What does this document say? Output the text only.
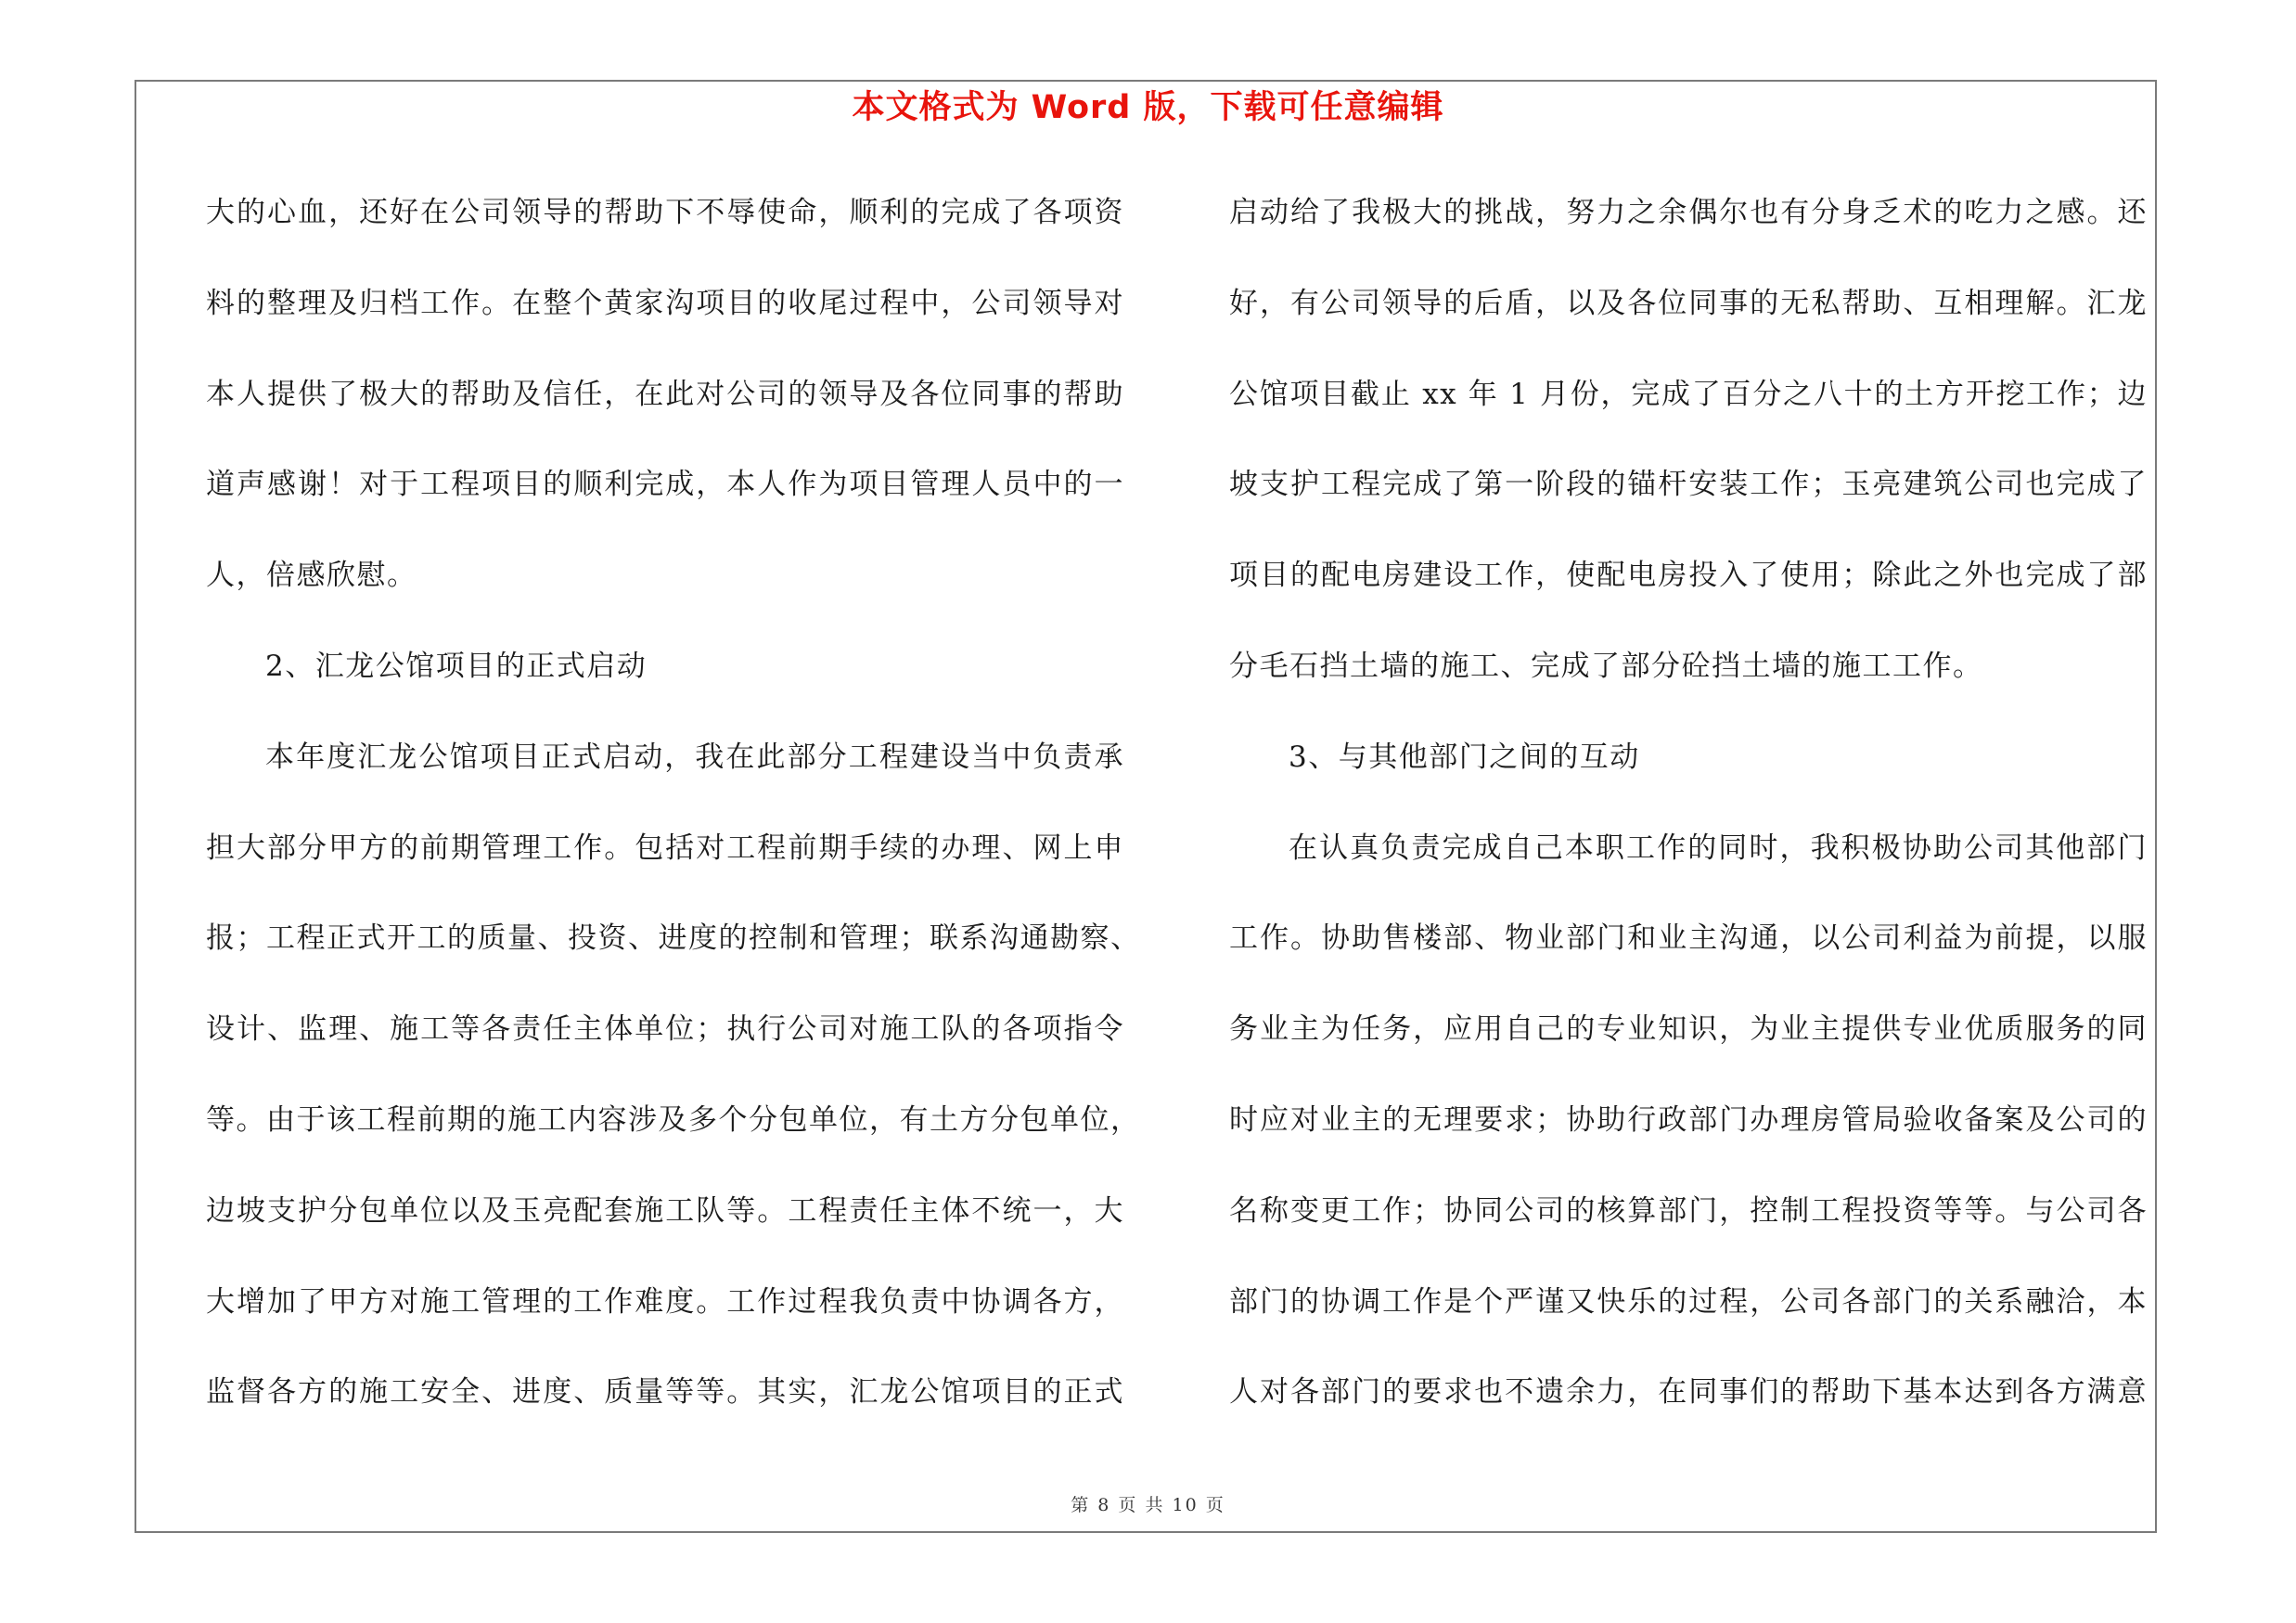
本文格式为 Word 版，下载可任意编辑
大的心血，还好在公司领导的帮助下不辱使命，顺利的完成了各项资
料的整理及归档工作。在整个黄家沟项目的收尾过程中，公司领导对
本人提供了极大的帮助及信任，在此对公司的领导及各位同事的帮助
道声感谢！对于工程项目的顺利完成，本人作为项目管理人员中的一
人，倍感欣慰。
2、汇龙公馆项目的正式启动
本年度汇龙公馆项目正式启动，我在此部分工程建设当中负责承
担大部分甲方的前期管理工作。包括对工程前期手续的办理、网上申
报；工程正式开工的质量、投资、进度的控制和管理；联系沟通勘察、
设计、监理、施工等各责任主体单位；执行公司对施工队的各项指令
等。由于该工程前期的施工内容涉及多个分包单位，有土方分包单位，
边坡支护分包单位以及玉亮配套施工队等。工程责任主体不统一，大
大增加了甲方对施工管理的工作难度。工作过程我负责中协调各方，
监督各方的施工安全、进度、质量等等。其实，汇龙公馆项目的正式
启动给了我极大的挑战，努力之余偶尔也有分身乏术的吃力之感。还
好，有公司领导的后盾，以及各位同事的无私帮助、互相理解。汇龙
公馆项目截止 xx 年 1 月份，完成了百分之八十的土方开挖工作；边
坡支护工程完成了第一阶段的锚杆安装工作；玉亮建筑公司也完成了
项目的配电房建设工作，使配电房投入了使用；除此之外也完成了部
分毛石挡土墙的施工、完成了部分砼挡土墙的施工工作。
3、与其他部门之间的互动
在认真负责完成自己本职工作的同时，我积极协助公司其他部门
工作。协助售楼部、物业部门和业主沟通，以公司利益为前提，以服
务业主为任务，应用自己的专业知识，为业主提供专业优质服务的同
时应对业主的无理要求；协助行政部门办理房管局验收备案及公司的
名称变更工作；协同公司的核算部门，控制工程投资等等。与公司各
部门的协调工作是个严谨又快乐的过程，公司各部门的关系融洽，本
人对各部门的要求也不遗余力，在同事们的帮助下基本达到各方满意
第 8 页 共 10 页
